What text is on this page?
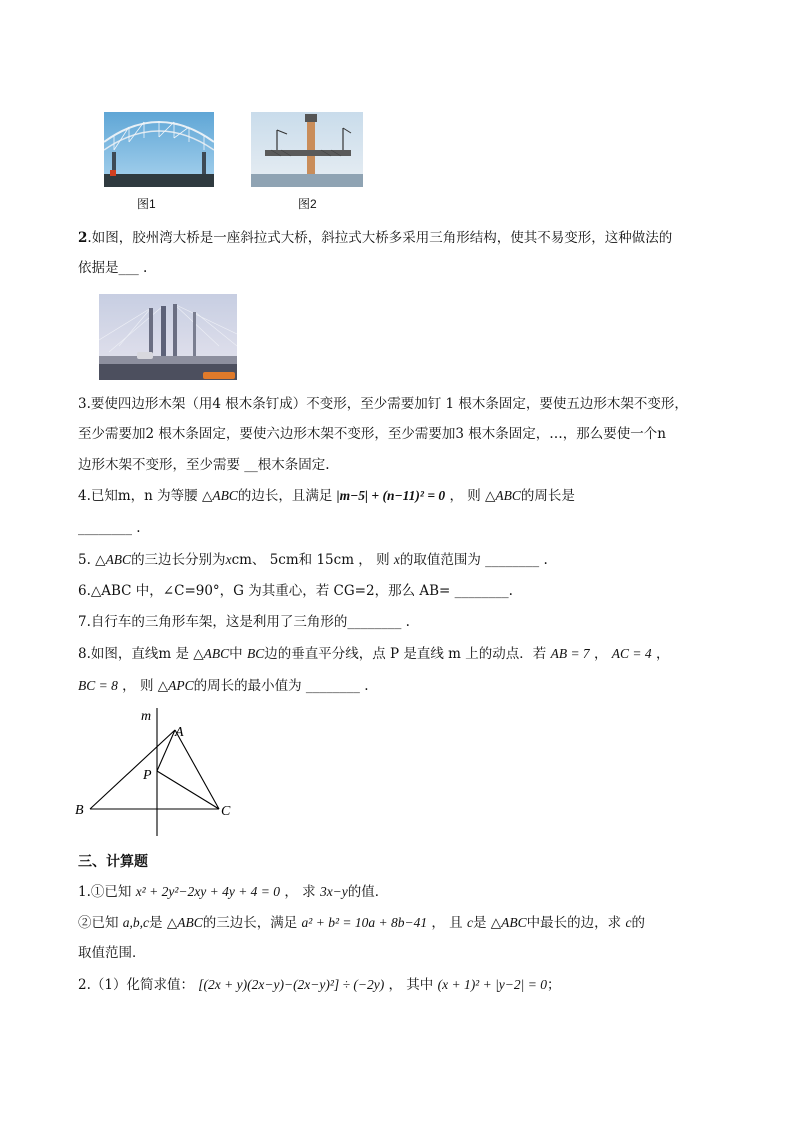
图1	图2
2.如图，胶州湾大桥是一座斜拉式大桥，斜拉式大桥多采用三角形结构，使其不易变形，这种做法的
依据是___ .
3.要使四边形木架（用4 根木条钉成）不变形，至少需要加钉 1 根木条固定，要使五边形木架不变形，
至少需要加2 根木条固定，要使六边形木架不变形，至少需要加3 根木条固定，…，那么要使一个n
边形木架不变形，至少需要 __根木条固定.
4.已知m，n 为等腰 △ABC的边长，且满足 |m−5| + (n−11)² = 0 ， 则 △ABC的周长是
________ .
5. △ABC的三边长分别为xcm、 5cm和 15cm ， 则 x的取值范围为 ________ .
6.△ABC 中，∠C=90°，G 为其重心，若 CG=2，那么 AB= ________.
7.自行车的三角形车架，这是利用了三角形的________ .
8.如图，直线m 是 △ABC中 BC边的垂直平分线，点 P 是直线 m 上的动点．若 AB = 7 ， AC = 4 ，
BC = 8 ， 则 △APC的周长的最小值为 ________ .
m
A
P
B	C
三、计算题
1.①已知 x² + 2y²−2xy + 4y + 4 = 0 ， 求 3x−y的值．
②已知 a,b,c是 △ABC的三边长，满足 a² + b² = 10a + 8b−41 ， 且 c是 △ABC中最长的边，求 c的
取值范围．
2.（1）化简求值： [(2x + y)(2x−y)−(2x−y)²] ÷ (−2y) ， 其中 (x + 1)² + |y−2| = 0；
